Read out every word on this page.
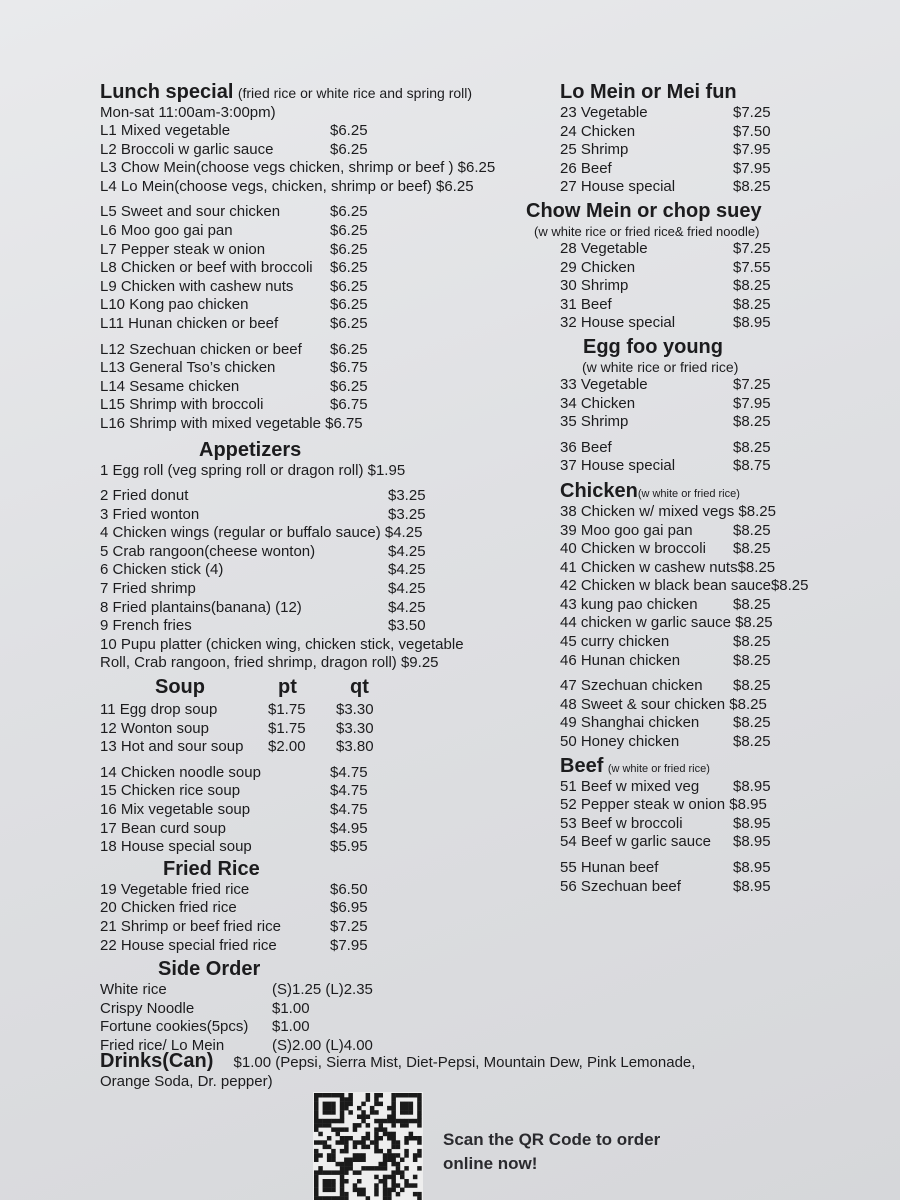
Lunch special (fried rice or white rice and spring roll)
Mon-sat 11:00am-3:00pm)
L1 Mixed vegetable	$6.25
L2 Broccoli w garlic sauce	$6.25
L3 Chow Mein(choose vegs chicken, shrimp or beef ) $6.25
L4 Lo Mein(choose vegs, chicken, shrimp or beef) $6.25
L5 Sweet and sour chicken	$6.25
L6 Moo goo gai pan	$6.25
L7 Pepper steak w onion	$6.25
L8 Chicken or beef with broccoli $6.25
L9 Chicken with cashew nuts $6.25
L10 Kong pao chicken	$6.25
L11 Hunan chicken or beef	$6.25
L12 Szechuan chicken or beef $6.25
L13 General Tso’s chicken	$6.75
L14 Sesame chicken	$6.25
L15 Shrimp with broccoli	$6.75
L16 Shrimp with mixed vegetable $6.75
Appetizers
1 Egg roll (veg spring roll or dragon roll) $1.95
2 Fried donut	$3.25
3 Fried wonton	$3.25
4 Chicken wings (regular or buffalo sauce) $4.25
5 Crab rangoon(cheese wonton)	$4.25
6 Chicken stick (4)	$4.25
7 Fried shrimp	$4.25
8 Fried plantains(banana) (12)	$4.25
9 French fries	$3.50
10 Pupu platter (chicken wing, chicken stick, vegetable
Roll, Crab rangoon, fried shrimp, dragon roll) $9.25
Soup	pt	qt
11 Egg drop soup	$1.75 $3.30
12 Wonton soup	$1.75 $3.30
13 Hot and sour soup $2.00 $3.80
14 Chicken noodle soup	$4.75
15 Chicken rice soup	$4.75
16 Mix vegetable soup	$4.75
17 Bean curd soup	$4.95
18 House special soup	$5.95
Fried Rice
19 Vegetable fried rice	$6.50
20 Chicken fried rice	$6.95
21 Shrimp or beef fried rice	$7.25
22 House special fried rice	$7.95
Side Order
White rice	(S)1.25 (L)2.35
Crispy Noodle	$1.00
Fortune cookies(5pcs) $1.00
Fried rice/ Lo Mein	(S)2.00 (L)4.00
Lo Mein or Mei fun
23 Vegetable	$7.25
24 Chicken	$7.50
25 Shrimp	$7.95
26 Beef	$7.95
27 House special	$8.25
Chow Mein or chop suey
(w white rice or fried rice& fried noodle)
28 Vegetable	$7.25
29 Chicken	$7.55
30 Shrimp	$8.25
31 Beef	$8.25
32 House special	$8.95
Egg foo young
(w white rice or fried rice)
33 Vegetable	$7.25
34 Chicken	$7.95
35 Shrimp	$8.25
36 Beef	$8.25
37 House special	$8.75
Chicken(w white or fried rice)
38 Chicken w/ mixed vegs $8.25
39 Moo goo gai pan	$8.25
40 Chicken w broccoli $8.25
41 Chicken w cashew nuts$8.25
42 Chicken w black bean sauce$8.25
43 kung pao chicken $8.25
44 chicken w garlic sauce $8.25
45 curry chicken	$8.25
46 Hunan chicken	$8.25
47 Szechuan chicken $8.25
48 Sweet & sour chicken $8.25
49 Shanghai chicken $8.25
50 Honey chicken	$8.25
Beef (w white or fried rice)
51 Beef w mixed veg $8.95
52 Pepper steak w onion $8.95
53 Beef w broccoli	$8.95
54 Beef w garlic sauce $8.95
55 Hunan beef	$8.95
56 Szechuan beef	$8.95
Drinks(Can) $1.00 (Pepsi, Sierra Mist, Diet-Pepsi, Mountain Dew, Pink Lemonade,
Orange Soda, Dr. pepper)
Scan the QR Code to order
online now!
